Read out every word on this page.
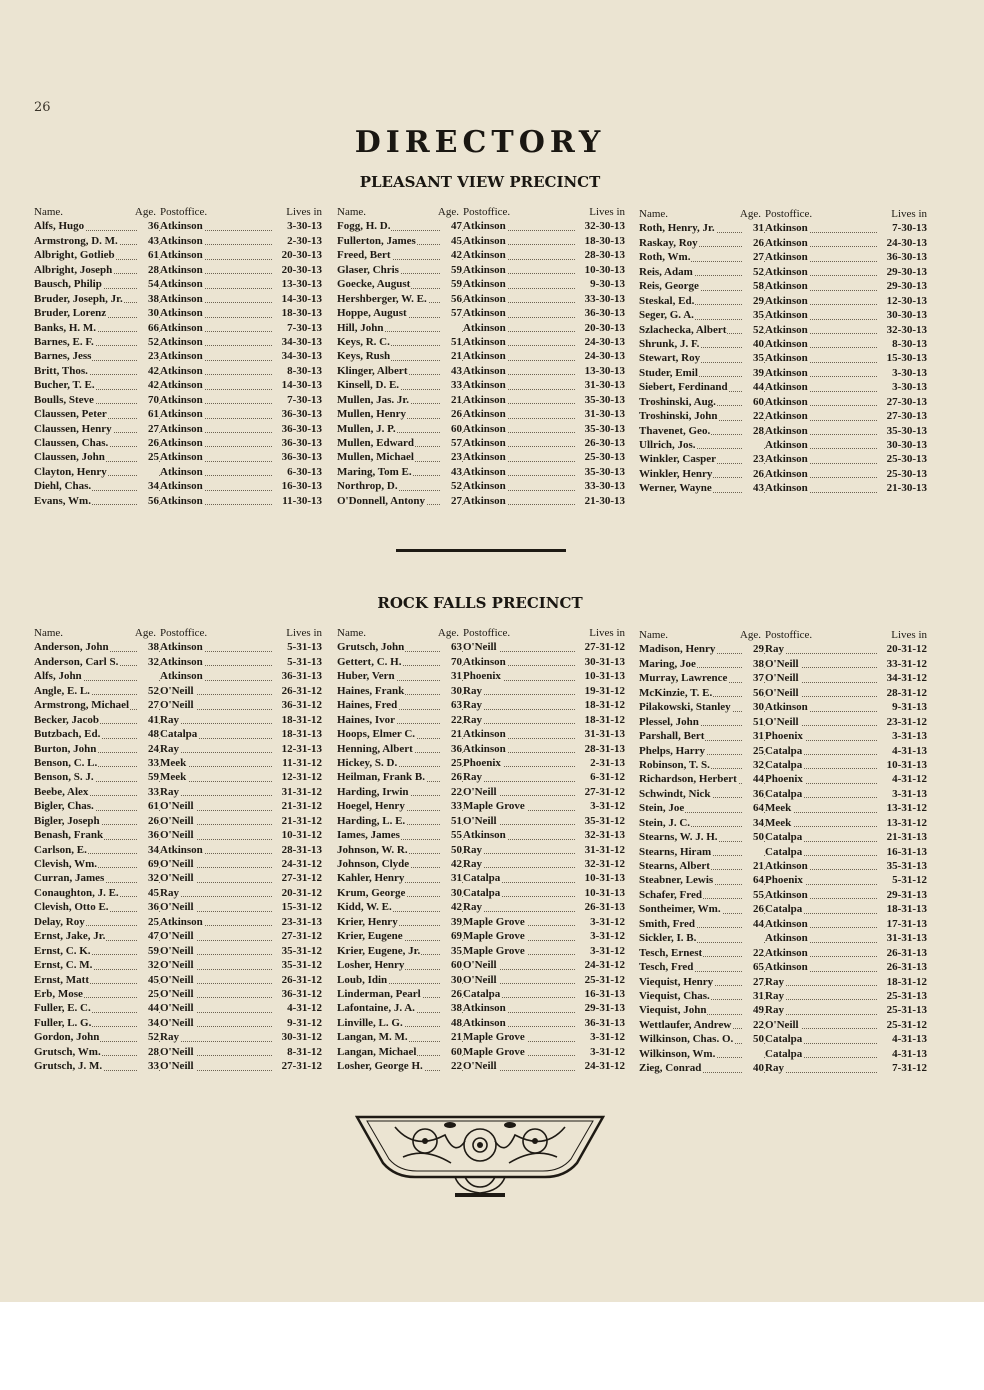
26
DIRECTORY
PLEASANT VIEW PRECINCT
Name.	Age. Postoffice.	Lives in
Alfs, Hugo	36 Atkinson	3-30-13
Armstrong, D. M.	43 Atkinson	2-30-13
Albright, Gotlieb	61 Atkinson	20-30-13
Albright, Joseph	28 Atkinson	20-30-13
Bausch, Philip	54 Atkinson	13-30-13
Bruder, Joseph, Jr.	38 Atkinson	14-30-13
Bruder, Lorenz	30 Atkinson	18-30-13
Banks, H. M.	66 Atkinson	7-30-13
Barnes, E. F.	52 Atkinson	34-30-13
Barnes, Jess	23 Atkinson	34-30-13
Britt, Thos.	42 Atkinson	8-30-13
Bucher, T. E.	42 Atkinson	14-30-13
Boulls, Steve	70 Atkinson	7-30-13
Claussen, Peter	61 Atkinson	36-30-13
Claussen, Henry	27 Atkinson	36-30-13
Claussen, Chas.	26 Atkinson	36-30-13
Claussen, John	25 Atkinson	36-30-13
Clayton, Henry	Atkinson	6-30-13
Diehl, Chas.	34 Atkinson	16-30-13
Evans, Wm.	56 Atkinson	11-30-13
Name.	Age. Postoffice.	Lives in
Fogg, H. D.	47 Atkinson	32-30-13
Fullerton, James	45 Atkinson	18-30-13
Freed, Bert	42 Atkinson	28-30-13
Glaser, Chris	59 Atkinson	10-30-13
Goecke, August	59 Atkinson	9-30-13
Hershberger, W. E.	56 Atkinson	33-30-13
Hoppe, August	57 Atkinson	36-30-13
Hill, John	Atkinson	20-30-13
Keys, R. C.	51 Atkinson	24-30-13
Keys, Rush	21 Atkinson	24-30-13
Klinger, Albert	43 Atkinson	13-30-13
Kinsell, D. E.	33 Atkinson	31-30-13
Mullen, Jas. Jr.	21 Atkinson	35-30-13
Mullen, Henry	26 Atkinson	31-30-13
Mullen, J. P.	60 Atkinson	35-30-13
Mullen, Edward	57 Atkinson	26-30-13
Mullen, Michael	23 Atkinson	25-30-13
Maring, Tom E.	43 Atkinson	35-30-13
Northrop, D.	52 Atkinson	33-30-13
O'Donnell, Antony	27 Atkinson	21-30-13
Name.	Age. Postoffice.	Lives in
Roth, Henry, Jr.	31 Atkinson	7-30-13
Raskay, Roy	26 Atkinson	24-30-13
Roth, Wm.	27 Atkinson	36-30-13
Reis, Adam	52 Atkinson	29-30-13
Reis, George	58 Atkinson	29-30-13
Steskal, Ed.	29 Atkinson	12-30-13
Seger, G. A.	35 Atkinson	30-30-13
Szlachecka, Albert	52 Atkinson	32-30-13
Shrunk, J. F.	40 Atkinson	8-30-13
Stewart, Roy	35 Atkinson	15-30-13
Studer, Emil	39 Atkinson	3-30-13
Siebert, Ferdinand	44 Atkinson	3-30-13
Troshinski, Aug.	60 Atkinson	27-30-13
Troshinski, John	22 Atkinson	27-30-13
Thavenet, Geo.	28 Atkinson	35-30-13
Ullrich, Jos.	Atkinson	30-30-13
Winkler, Casper	23 Atkinson	25-30-13
Winkler, Henry	26 Atkinson	25-30-13
Werner, Wayne	43 Atkinson	21-30-13
ROCK FALLS PRECINCT
Name.	Age. Postoffice.	Lives in
Anderson, John	38 Atkinson	5-31-13
Anderson, Carl S.	32 Atkinson	5-31-13
Alfs, John	Atkinson	36-31-13
Angle, E. L.	52 O'Neill	26-31-12
Armstrong, Michael	27 O'Neill	36-31-12
Becker, Jacob	41 Ray	18-31-12
Butzbach, Ed.	48 Catalpa	18-31-13
Burton, John	24 Ray	12-31-13
Benson, C. L.	33 Meek	11-31-12
Benson, S. J.	59 Meek	12-31-12
Beebe, Alex	33 Ray	31-31-12
Bigler, Chas.	61 O'Neill	21-31-12
Bigler, Joseph	26 O'Neill	21-31-12
Benash, Frank	36 O'Neill	10-31-12
Carlson, E.	34 Atkinson	28-31-13
Clevish, Wm.	69 O'Neill	24-31-12
Curran, James	32 O'Neill	27-31-12
Conaughton, J. E.	45 Ray	20-31-12
Clevish, Otto E.	36 O'Neill	15-31-12
Delay, Roy	25 Atkinson	23-31-13
Ernst, Jake, Jr.	47 O'Neill	27-31-12
Ernst, C. K.	59 O'Neill	35-31-12
Ernst, C. M.	32 O'Neill	35-31-12
Ernst, Matt	45 O'Neill	26-31-12
Erb, Mose	25 O'Neill	36-31-12
Fuller, E. C.	44 O'Neill	4-31-12
Fuller, L. G.	34 O'Neill	9-31-12
Gordon, John	52 Ray	30-31-12
Grutsch, Wm.	28 O'Neill	8-31-12
Grutsch, J. M.	33 O'Neill	27-31-12
Name.	Age. Postoffice.	Lives in
Grutsch, John	63 O'Neill	27-31-12
Gettert, C. H.	70 Atkinson	30-31-13
Huber, Vern	31 Phoenix	10-31-13
Haines, Frank	30 Ray	19-31-12
Haines, Fred	63 Ray	18-31-12
Haines, Ivor	22 Ray	18-31-12
Hoops, Elmer C.	21 Atkinson	31-31-13
Henning, Albert	36 Atkinson	28-31-13
Hickey, S. D.	25 Phoenix	2-31-13
Heilman, Frank B.	26 Ray	6-31-12
Harding, Irwin	22 O'Neill	27-31-12
Hoegel, Henry	33 Maple Grove	3-31-12
Harding, L. E.	51 O'Neill	35-31-12
Iames, James	55 Atkinson	32-31-13
Johnson, W. R.	50 Ray	31-31-12
Johnson, Clyde	42 Ray	32-31-12
Kahler, Henry	31 Catalpa	10-31-13
Krum, George	30 Catalpa	10-31-13
Kidd, W. E.	42 Ray	26-31-13
Krier, Henry	39 Maple Grove	3-31-12
Krier, Eugene	69 Maple Grove	3-31-12
Krier, Eugene, Jr.	35 Maple Grove	3-31-12
Losher, Henry	60 O'Neill	24-31-12
Loub, Idin	30 O'Neill	25-31-12
Linderman, Pearl	26 Catalpa	16-31-13
Lafontaine, J. A.	38 Atkinson	29-31-13
Linville, L. G.	48 Atkinson	36-31-13
Langan, M. M.	21 Maple Grove	3-31-12
Langan, Michael	60 Maple Grove	3-31-12
Losher, George H.	22 O'Neill	24-31-12
Name.	Age. Postoffice.	Lives in
Madison, Henry	29 Ray	20-31-12
Maring, Joe	38 O'Neill	33-31-12
Murray, Lawrence	37 O'Neill	34-31-12
McKinzie, T. E.	56 O'Neill	28-31-12
Pilakowski, Stanley	30 Atkinson	9-31-13
Plessel, John	51 O'Neill	23-31-12
Parshall, Bert	31 Phoenix	3-31-13
Phelps, Harry	25 Catalpa	4-31-13
Robinson, T. S.	32 Catalpa	10-31-13
Richardson, Herbert	44 Phoenix	4-31-12
Schwindt, Nick	36 Catalpa	3-31-13
Stein, Joe	64 Meek	13-31-12
Stein, J. C.	34 Meek	13-31-12
Stearns, W. J. H.	50 Catalpa	21-31-13
Stearns, Hiram	Catalpa	16-31-13
Stearns, Albert	21 Atkinson	35-31-13
Steabner, Lewis	64 Phoenix	5-31-12
Schafer, Fred	55 Atkinson	29-31-13
Sontheimer, Wm.	26 Catalpa	18-31-13
Smith, Fred	44 Atkinson	17-31-13
Sickler, I. B.	Atkinson	31-31-13
Tesch, Ernest	22 Atkinson	26-31-13
Tesch, Fred	65 Atkinson	26-31-13
Viequist, Henry	27 Ray	18-31-12
Viequist, Chas.	31 Ray	25-31-13
Viequist, John	49 Ray	25-31-13
Wettlaufer, Andrew	22 O'Neill	25-31-12
Wilkinson, Chas. O.	50 Catalpa	4-31-13
Wilkinson, Wm.	Catalpa	4-31-13
Zieg, Conrad	40 Ray	7-31-12
